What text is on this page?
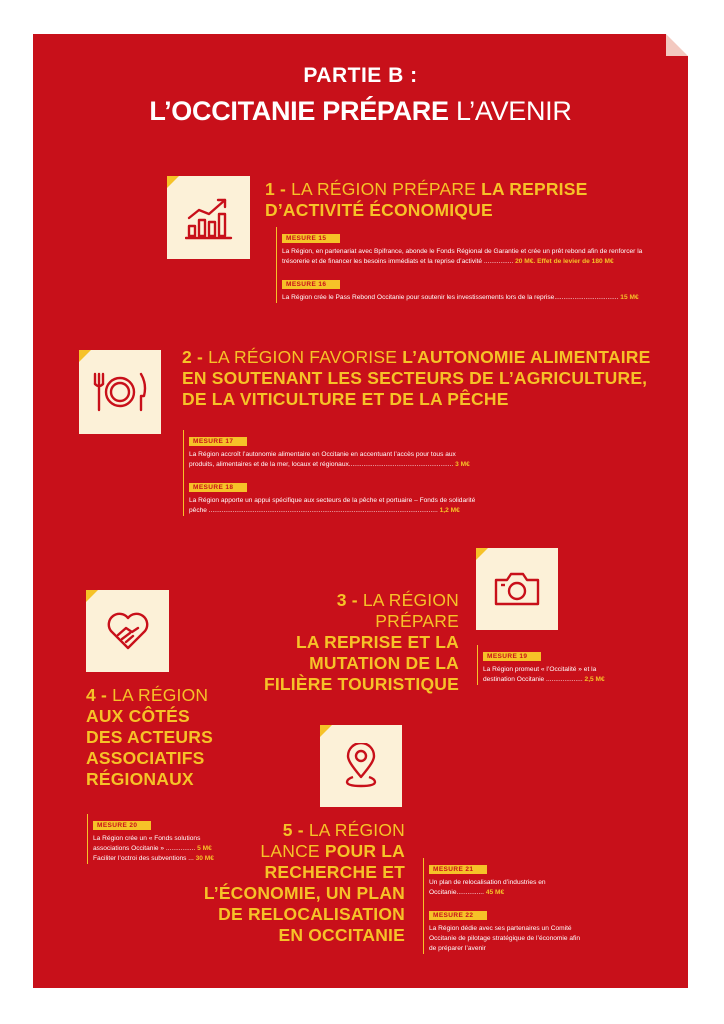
PARTIE B :
L’OCCITANIE PRÉPARE L’AVENIR
1 - LA RÉGION PRÉPARE LA REPRISE
D’ACTIVITÉ ÉCONOMIQUE
MESURE 15
La Région, en partenariat avec Bpifrance, abonde le Fonds Régional de Garantie et crée un prêt rebond afin de renforcer la trésorerie et de financer les besoins immédiats et la reprise d’activité ................ 20 M€. Effet de levier de 180 M€
MESURE 16
La Région crée le Pass Rebond Occitanie pour soutenir les investissements lors de la reprise................................... 15 M€
2 - LA RÉGION FAVORISE L’AUTONOMIE ALIMENTAIRE
EN SOUTENANT LES SECTEURS DE L’AGRICULTURE,
DE LA VITICULTURE ET DE LA PÊCHE
MESURE 17
La Région accroît l’autonomie alimentaire en Occitanie en accentuant l’accès pour tous aux produits, alimentaires et de la mer, locaux et régionaux......................................................... 3 M€
MESURE 18
La Région apporte un appui spécifique aux secteurs de la pêche et portuaire – Fonds de solidarité pêche ............................................................................................................................. 1,2 M€
3 - LA RÉGION PRÉPARE
LA REPRISE ET LA
MUTATION DE LA
FILIÈRE TOURISTIQUE
MESURE 19
La Région promeut « l’Occitalité » et la destination Occitanie .................... 2,5 M€
4 - LA RÉGION
AUX CÔTÉS
DES ACTEURS
ASSOCIATIFS
RÉGIONAUX
MESURE 20
La Région crée un « Fonds solutions
associations Occitanie » ................ 5 M€
Faciliter l’octroi des subventions ... 30 M€
5 - LA RÉGION
LANCE POUR LA
RECHERCHE ET
L’ÉCONOMIE, UN PLAN
DE RELOCALISATION
EN OCCITANIE
MESURE 21
Un plan de relocalisation d’industries en Occitanie............... 45 M€
MESURE 22
La Région dédie avec ses partenaires un Comité Occitanie de pilotage stratégique de l’économie afin de préparer l’avenir
